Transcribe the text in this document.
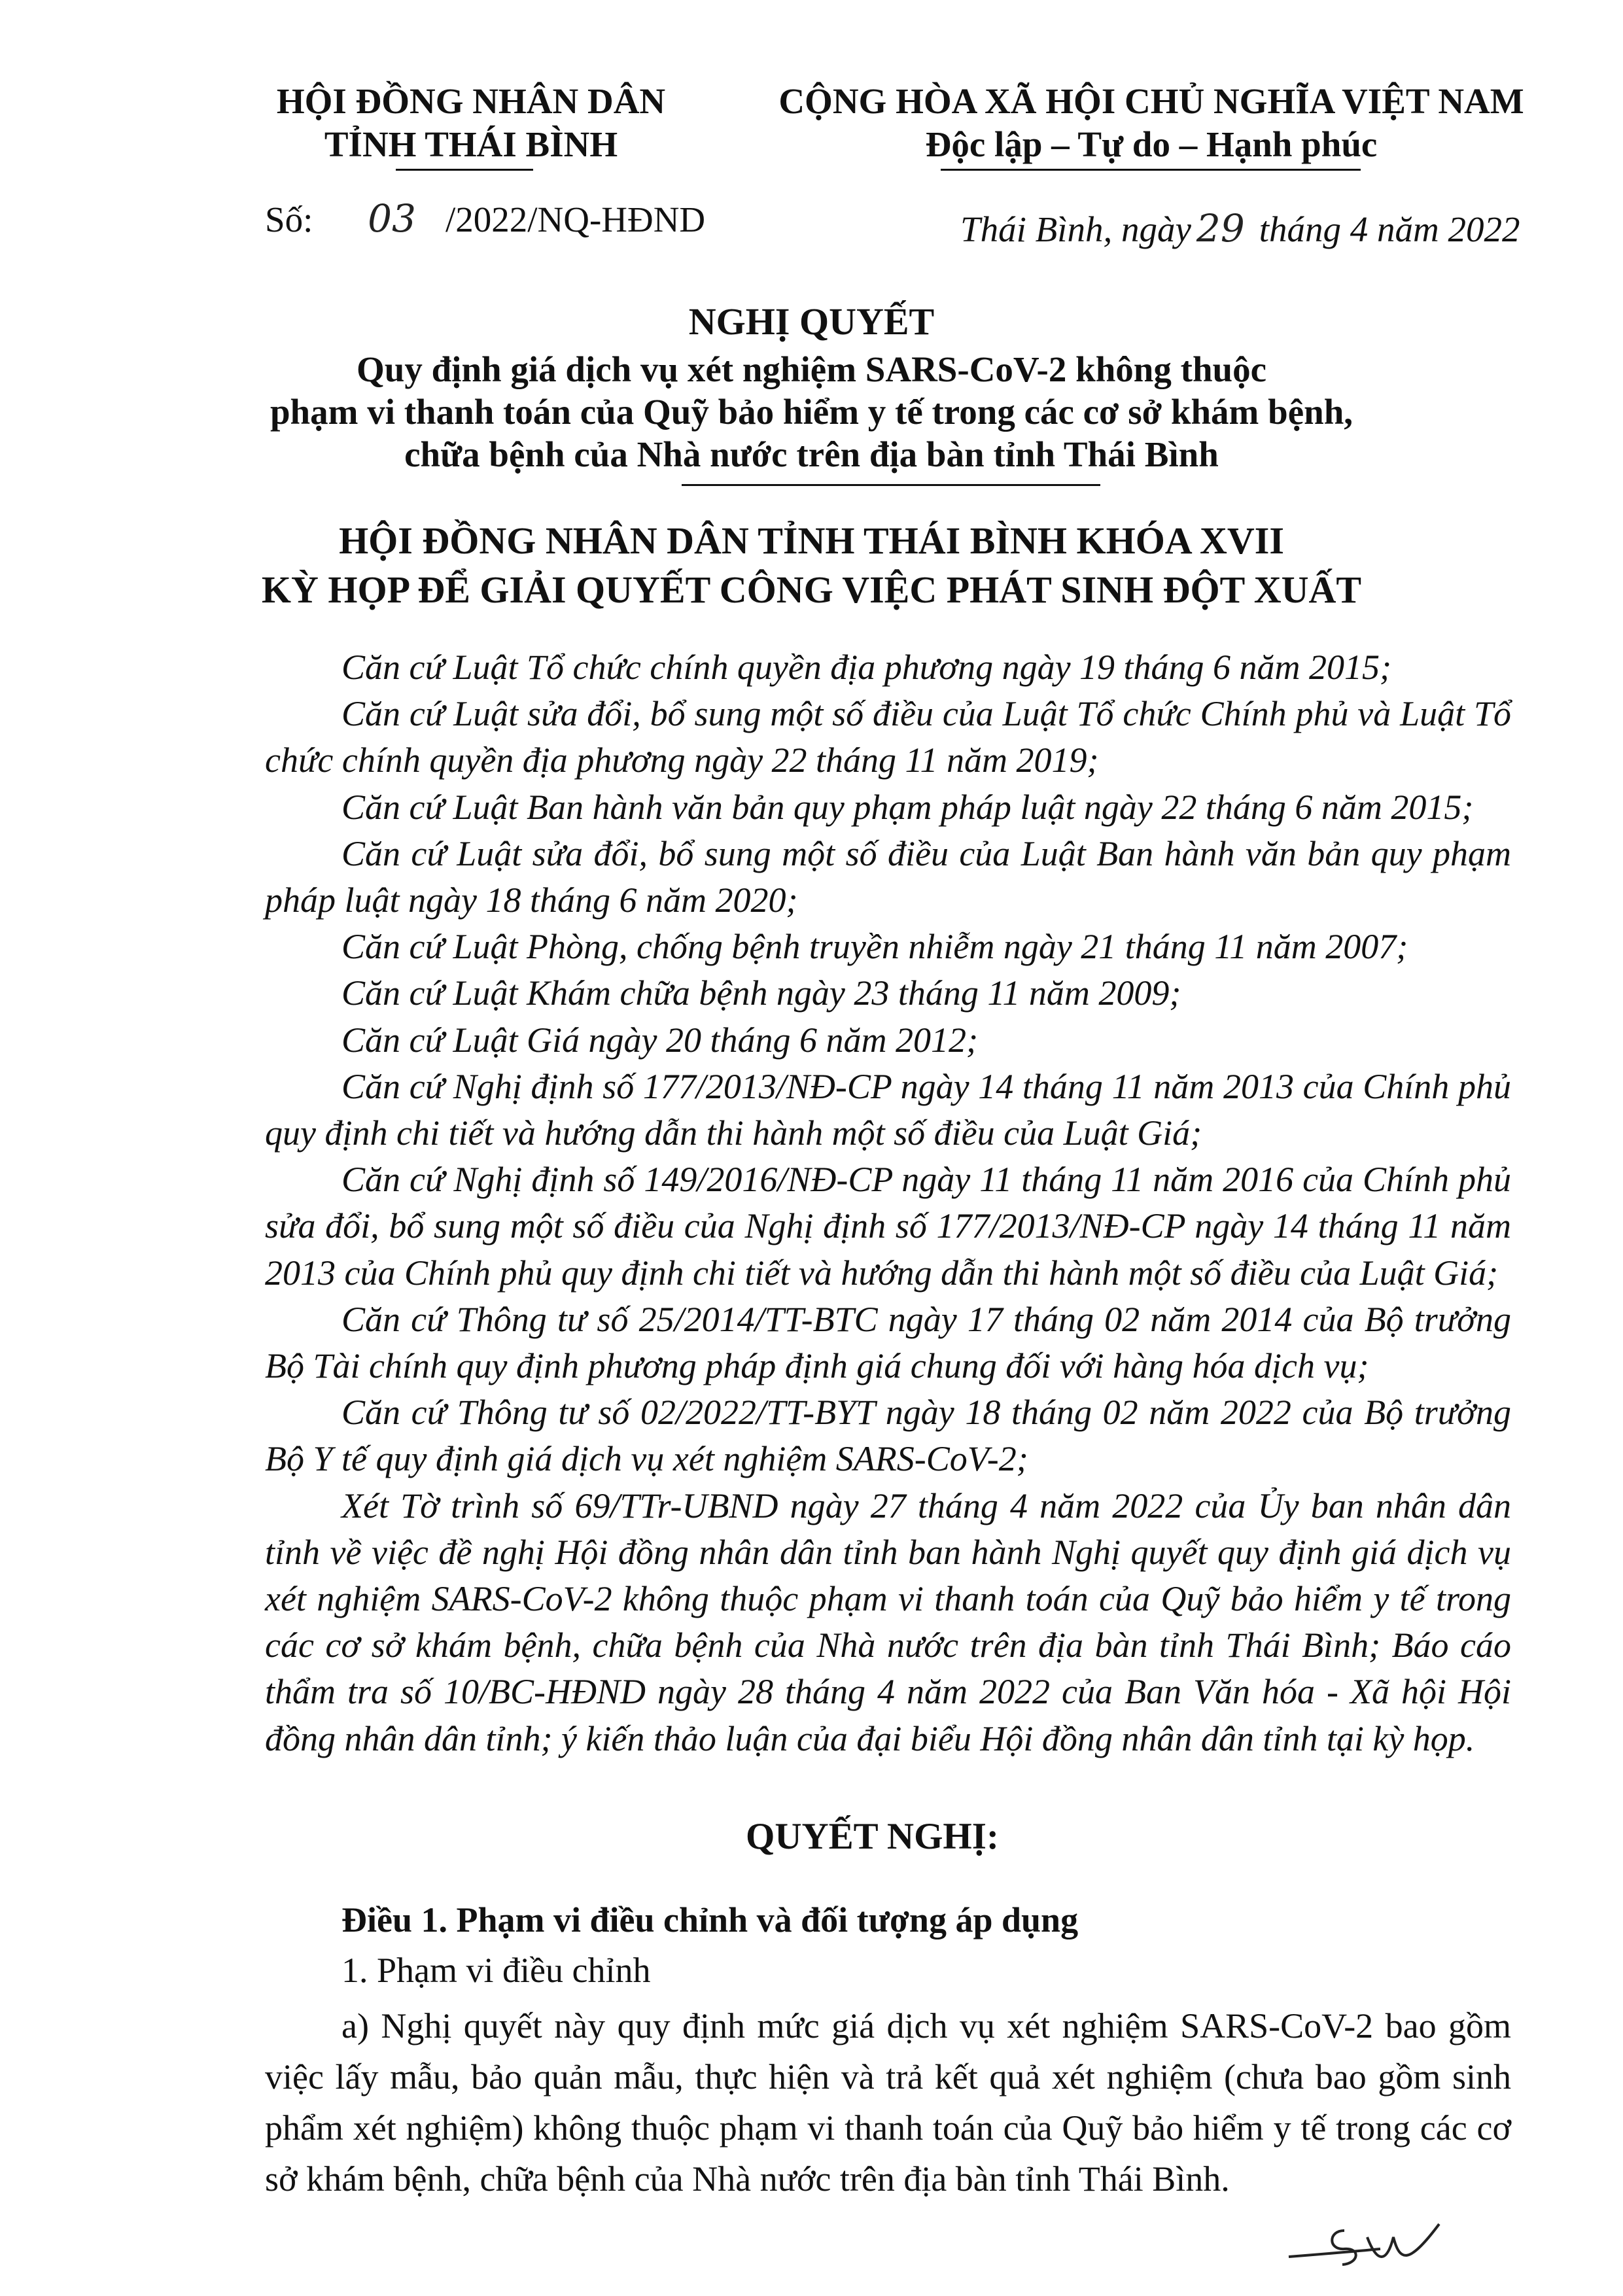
HỘI ĐỒNG NHÂN DÂN
TỈNH THÁI BÌNH
CỘNG HÒA XÃ HỘI CHỦ NGHĨA VIỆT NAM
Độc lập – Tự do – Hạnh phúc
Số: 03 /2022/NQ-HĐND	Thái Bình, ngày 29 tháng 4 năm 2022
NGHỊ QUYẾT
Quy định giá dịch vụ xét nghiệm SARS-CoV-2 không thuộc
phạm vi thanh toán của Quỹ bảo hiểm y tế trong các cơ sở khám bệnh,
chữa bệnh của Nhà nước trên địa bàn tỉnh Thái Bình
HỘI ĐỒNG NHÂN DÂN TỈNH THÁI BÌNH KHÓA XVII
KỲ HỌP ĐỂ GIẢI QUYẾT CÔNG VIỆC PHÁT SINH ĐỘT XUẤT

Căn cứ Luật Tổ chức chính quyền địa phương ngày 19 tháng 6 năm 2015;

Căn cứ Luật sửa đổi, bổ sung một số điều của Luật Tổ chức Chính phủ và Luật Tổ chức chính quyền địa phương ngày 22 tháng 11 năm 2019;

Căn cứ Luật Ban hành văn bản quy phạm pháp luật ngày 22 tháng 6 năm 2015;

Căn cứ Luật sửa đổi, bổ sung một số điều của Luật Ban hành văn bản quy phạm pháp luật ngày 18 tháng 6 năm 2020;

Căn cứ Luật Phòng, chống bệnh truyền nhiễm ngày 21 tháng 11 năm 2007;

Căn cứ Luật Khám chữa bệnh ngày 23 tháng 11 năm 2009;

Căn cứ Luật Giá ngày 20 tháng 6 năm 2012;

Căn cứ Nghị định số 177/2013/NĐ-CP ngày 14 tháng 11 năm 2013 của Chính phủ quy định chi tiết và hướng dẫn thi hành một số điều của Luật Giá;

Căn cứ Nghị định số 149/2016/NĐ-CP ngày 11 tháng 11 năm 2016 của Chính phủ sửa đổi, bổ sung một số điều của Nghị định số 177/2013/NĐ-CP ngày 14 tháng 11 năm 2013 của Chính phủ quy định chi tiết và hướng dẫn thi hành một số điều của Luật Giá;

Căn cứ Thông tư số 25/2014/TT-BTC ngày 17 tháng 02 năm 2014 của Bộ trưởng Bộ Tài chính quy định phương pháp định giá chung đối với hàng hóa dịch vụ;

Căn cứ Thông tư số 02/2022/TT-BYT ngày 18 tháng 02 năm 2022 của Bộ trưởng Bộ Y tế quy định giá dịch vụ xét nghiệm SARS-CoV-2;

Xét Tờ trình số 69/TTr-UBND ngày 27 tháng 4 năm 2022 của Ủy ban nhân dân tỉnh về việc đề nghị Hội đồng nhân dân tỉnh ban hành Nghị quyết quy định giá dịch vụ xét nghiệm SARS-CoV-2 không thuộc phạm vi thanh toán của Quỹ bảo hiểm y tế trong các cơ sở khám bệnh, chữa bệnh của Nhà nước trên địa bàn tỉnh Thái Bình; Báo cáo thẩm tra số 10/BC-HĐND ngày 28 tháng 4 năm 2022 của Ban Văn hóa - Xã hội Hội đồng nhân dân tỉnh; ý kiến thảo luận của đại biểu Hội đồng nhân dân tỉnh tại kỳ họp.

QUYẾT NGHỊ:

Điều 1. Phạm vi điều chỉnh và đối tượng áp dụng

1. Phạm vi điều chỉnh

a) Nghị quyết này quy định mức giá dịch vụ xét nghiệm SARS-CoV-2 bao gồm việc lấy mẫu, bảo quản mẫu, thực hiện và trả kết quả xét nghiệm (chưa bao gồm sinh phẩm xét nghiệm) không thuộc phạm vi thanh toán của Quỹ bảo hiểm y tế trong các cơ sở khám bệnh, chữa bệnh của Nhà nước trên địa bàn tỉnh Thái Bình.
